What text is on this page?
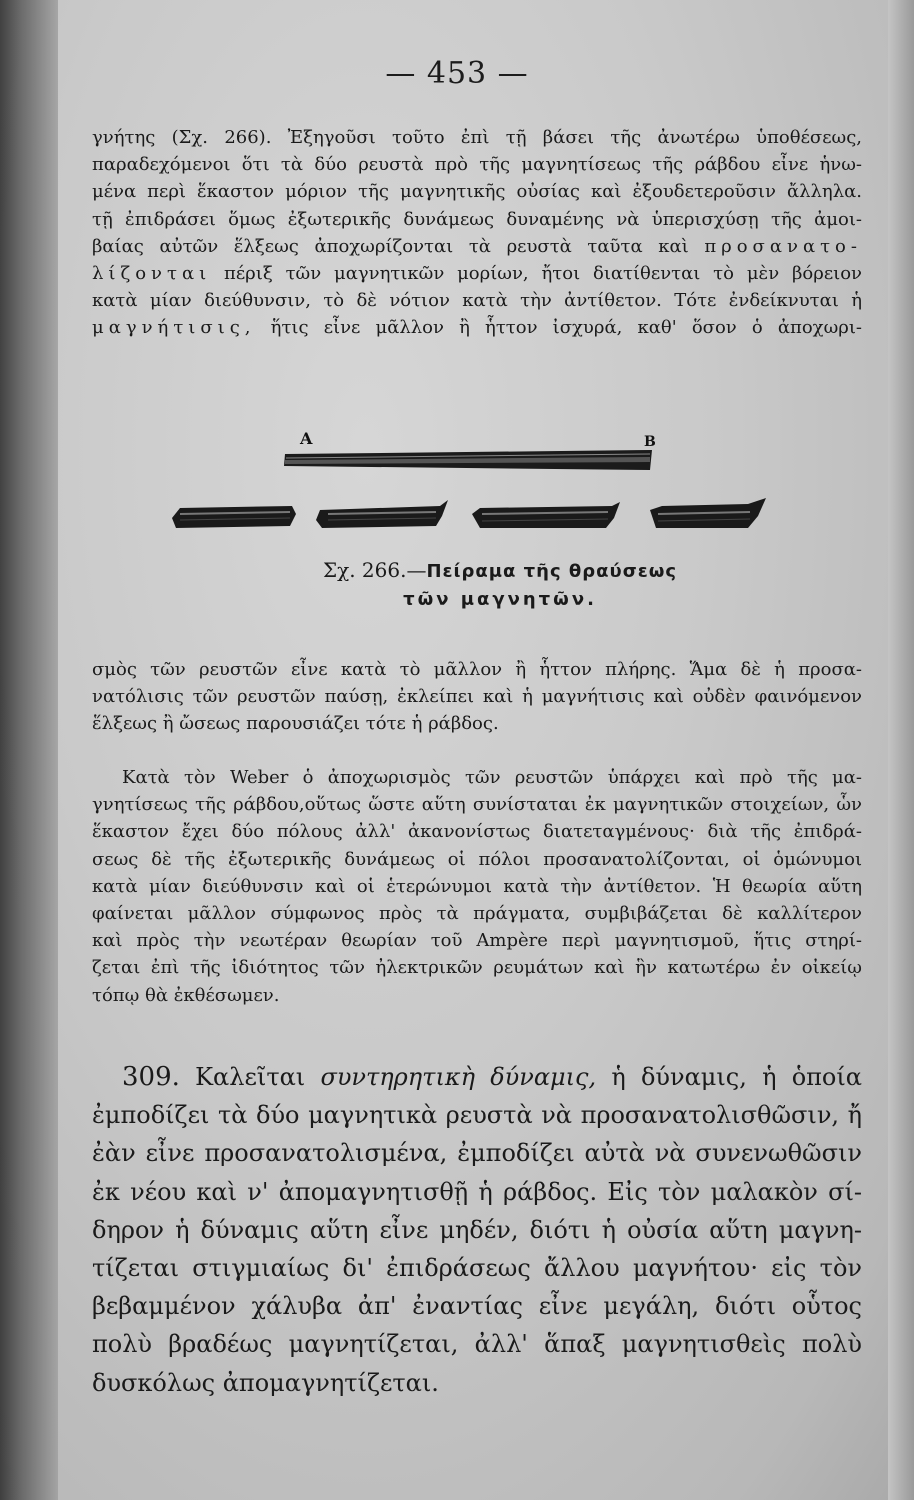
— 453 —
γνήτης (Σχ. 266). Ἐξηγοῦσι τοῦτο ἐπὶ τῇ βάσει τῆς ἀνωτέρω ὑποθέσεως,
παραδεχόμενοι ὅτι τὰ δύο ρευστὰ πρὸ τῆς μαγνητίσεως τῆς ράβδου εἶνε ἡνω-
μένα περὶ ἕκαστον μόριον τῆς μαγνητικῆς οὐσίας καὶ ἐξουδετεροῦσιν ἄλληλα.
τῇ ἐπιδράσει ὅμως ἐξωτερικῆς δυνάμεως δυναμένης νὰ ὑπερισχύσῃ τῆς ἀμοι-
βαίας αὐτῶν ἕλξεως ἀποχωρίζονται τὰ ρευστὰ ταῦτα καὶ προσανατο-
λίζονται πέριξ τῶν μαγνητικῶν μορίων, ἤτοι διατίθενται τὸ μὲν βόρειον
κατὰ μίαν διεύθυνσιν, τὸ δὲ νότιον κατὰ τὴν ἀντίθετον. Τότε ἐνδείκνυται ἡ
μαγνήτισις, ἥτις εἶνε μᾶλλον ἢ ἧττον ἰσχυρά, καθ' ὅσον ὁ ἀποχωρι-
A	B
Σχ. 266.—Πείραμα τῆς θραύσεως
τῶν μαγνητῶν.
σμὸς τῶν ρευστῶν εἶνε κατὰ τὸ μᾶλλον ἢ ἧττον πλήρης. Ἅμα δὲ ἡ προσα-
νατόλισις τῶν ρευστῶν παύσῃ, ἐκλείπει καὶ ἡ μαγνήτισις καὶ οὐδὲν φαινόμενον
ἕλξεως ἢ ὤσεως παρουσιάζει τότε ἡ ράβδος.
Κατὰ τὸν Weber ὁ ἀποχωρισμὸς τῶν ρευστῶν ὑπάρχει καὶ πρὸ τῆς μα-
γνητίσεως τῆς ράβδου,οὕτως ὥστε αὕτη συνίσταται ἐκ μαγνητικῶν στοιχείων, ὧν
ἕκαστον ἔχει δύο πόλους ἀλλ' ἀκανονίστως διατεταγμένους· διὰ τῆς ἐπιδρά-
σεως δὲ τῆς ἐξωτερικῆς δυνάμεως οἱ πόλοι προσανατολίζονται, οἱ ὁμώνυμοι
κατὰ μίαν διεύθυνσιν καὶ οἱ ἑτερώνυμοι κατὰ τὴν ἀντίθετον. Ἡ θεωρία αὕτη
φαίνεται μᾶλλον σύμφωνος πρὸς τὰ πράγματα, συμβιβάζεται δὲ καλλίτερον
καὶ πρὸς τὴν νεωτέραν θεωρίαν τοῦ Ampère περὶ μαγνητισμοῦ, ἥτις στηρί-
ζεται ἐπὶ τῆς ἰδιότητος τῶν ἠλεκτρικῶν ρευμάτων καὶ ἣν κατωτέρω ἐν οἰκείῳ
τόπῳ θὰ ἐκθέσωμεν.
309. Καλεῖται συντηρητικὴ δύναμις, ἡ δύναμις, ἡ ὁποία
ἐμποδίζει τὰ δύο μαγνητικὰ ρευστὰ νὰ προσανατολισθῶσιν, ἤ
ἐὰν εἶνε προσανατολισμένα, ἐμποδίζει αὐτὰ νὰ συνενωθῶσιν
ἐκ νέου καὶ ν' ἀπομαγνητισθῇ ἡ ράβδος. Εἰς τὸν μαλακὸν σί-
δηρον ἡ δύναμις αὕτη εἶνε μηδέν, διότι ἡ οὐσία αὕτη μαγνη-
τίζεται στιγμιαίως δι' ἐπιδράσεως ἄλλου μαγνήτου· εἰς τὸν
βεβαμμένον χάλυβα ἀπ' ἐναντίας εἶνε μεγάλη, διότι οὗτος
πολὺ βραδέως μαγνητίζεται, ἀλλ' ἅπαξ μαγνητισθεὶς πολὺ
δυσκόλως ἀπομαγνητίζεται.
